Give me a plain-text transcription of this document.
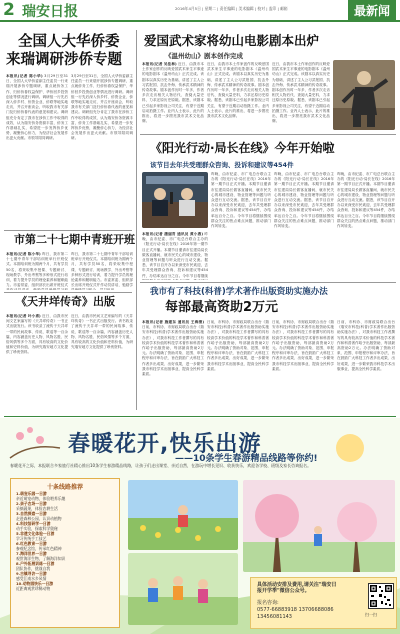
2 瑞安日报	2016年4月5日 | 星期二 | 责任编辑 | 美术编辑 | 校对 | 监印 | 邮箱	最新闻
全国人大华侨委
来瑞调研涉侨专题
本报讯(记者 陈小华) 3月29日至31日，全国人大华侨委副主任委员一行来瑞开展涉侨专题调研，重点就侨务工作、归侨侨眷权益保护、华侨回乡投资创业等情况进行调研。调研组一行先后深入侨乡村、侨资企业、侨联等地实地走访，并召开座谈会，听取我市有关部门及归侨侨眷代表的意见和建议。调研组充分肯定了我市在涉侨工作中取得的成效，认为瑞安侨务资源丰富，侨务工作基础扎实，希望进一步发挥侨乡优势，凝聚侨心侨力，为经济社会发展作出更大贡献。市领导陪同调研。
3月29日至31日，全国人大华侨委副主任委员一行来瑞开展涉侨专题调研，重点就侨务工作、归侨侨眷权益保护、华侨回乡投资创业等情况进行调研。调研组一行先后深入侨乡村、侨资企业、侨联等地实地走访，并召开座谈会，听取我市有关部门及归侨侨眷代表的意见和建议。调研组充分肯定了我市在涉侨工作中取得的成效，认为瑞安侨务资源丰富，侨务工作基础扎实，希望进一步发挥侨乡优势，凝聚侨心侨力，为经济社会发展作出更大贡献。市领导陪同调研。
市第二十七期中青班开班
本报讯(记者 陈小华) 昨日，我市第二十七期中青年干部培训班举行开班仪式。本期培训班为期两个月，共有学员50名，将采取集中授课、专题研讨、现场教学、外出考察等多种形式进行培训，着力提升学员的理论素养和履职能力。市委常委、组织部长出席开班仪式
昨日，我市第二十七期中青年干部培训班举行开班仪式。本期培训班为期两个月，共有学员50名，将采取集中授课、专题研讨、现场教学、外出考察等多种形式进行培训，着力提升学员的理论素养和履职能力。市委常委、组织部长出席开班仪式并作动员讲话，勉励学
《天井垟传奇》出版
本报讯(记者 叶小勇) 近日，由我市民间文艺家编写的《天井垟传奇》一书正式出版发行。该书收录了流传于天井垟一带的民间故事、传说、歌谣等一百余篇，内容涵盖历史人物、风物名胜、民俗风情等多个方面，具有较高的文化价值和史料价值，为研究瑞安地方文化提供了珍贵资料。
近日，由我市民间文艺家编写的《天井垟传奇》一书正式出版发行。该书收录了流传于天井垟一带的民间故事、传说、歌谣等一百余篇，内容涵盖历史人物、风物名胜、民俗风情等多个方面，具有较高的文化价值和史料价值，为研究瑞安地方文化提供了珍贵资料。
爱国武术家将幼山电影剧本出炉
《温州幼山》剧本创作完成
本报讯(记者 吴佳林) 近日，由我市本土作家创作的反映爱国武术家生平事迹的电影剧本《温州幼山》正式完成。该剧本以真实历史为基础，讲述了主人公习武报国、抗击外侮、传承武术精神的传奇故事。剧本创作历时一年多，作者多次走访相关人物后代、查阅大量史料，力求还原历史原貌。据悉，该剧本已引起多家影视公司关注，有望于近期启动拍摄工作。业内人士表示，此片的推出，将进一步擦亮我市武术文化品牌。
近日，由我市本土作家创作的反映爱国武术家生平事迹的电影剧本《温州幼山》正式完成。该剧本以真实历史为基础，讲述了主人公习武报国、抗击外侮、传承武术精神的传奇故事。剧本创作历时一年多，作者多次走访相关人物后代、查阅大量史料，力求还原历史原貌。据悉，该剧本已引起多家影视公司关注，有望于近期启动拍摄工作。业内人士表示，此片的推出，将进一步擦亮我市武术文化品牌。
近日，由我市本土作家创作的反映爱国武术家生平事迹的电影剧本《温州幼山》正式完成。该剧本以真实历史为基础，讲述了主人公习武报国、抗击外侮、传承武术精神的传奇故事。剧本创作历时一年多，作者多次走访相关人物后代、查阅大量史料，力求还原历史原貌。据悉，该剧本已引起多家影视公司关注，有望于近期启动拍摄工作。业内人士表示，此片的推出，将进一步擦亮我市武术文化品牌。
《阳光行动·局长在线》今年开始啦
该节目去年共受理群众咨询、投诉和建议等454件
本报讯(记者 潘丽青 通讯员 黄小燕) 昨晚，由市纪委、市广电总台联合主办的《阳光行动·局长在线》2016年第一期节目正式开播。本期节目邀请市住建局局长做客直播间，就市民关心的城市建设、物业管理等问题与听众进行互动交流。据悉，该节目自开办以来深受市民欢迎，去年共受理群众咨询、投诉和建议等454件，办结率达百分之百。今年节目将继续
昨晚，由市纪委、市广电总台联合主办的《阳光行动·局长在线》2016年第一期节目正式开播。本期节目邀请市住建局局长做客直播间，就市民关心的城市建设、物业管理等问题与听众进行互动交流。据悉，该节目自开办以来深受市民欢迎，去年共受理群众咨询、投诉和建议等454件，办结率达百分之百。今年节目将继续围绕群众关注的热点难点问题，推动部门作风转变。
昨晚，由市纪委、市广电总台联合主办的《阳光行动·局长在线》2016年第一期节目正式开播。本期节目邀请市住建局局长做客直播间，就市民关心的城市建设、物业管理等问题与听众进行互动交流。据悉，该节目自开办以来深受市民欢迎，去年共受理群众咨询、投诉和建议等454件，办结率达百分之百。今年节目将继续围绕群众关注的热点难点问题，推动部门作风转变。
昨晚，由市纪委、市广电总台联合主办的《阳光行动·局长在线》2016年第一期节目正式开播。本期节目邀请市住建局局长做客直播间，就市民关心的城市建设、物业管理等问题与听众进行互动交流。据悉，该节目自开办以来深受市民欢迎，去年共受理群众咨询、投诉和建议等454件，办结率达百分之百。今年节目将继续围绕群众关注的热点难点问题，推动部门作风转变。
我市有了科技(科普)学术著作出版资助实施办法
每部最高资助2万元
本报讯(记者 施建东 通讯员 王海清) 日前，市科协、市财政局联合出台《瑞安市科技(科普)学术著作出版资助实施办法》，对我市科技工作者撰写的具有较高学术价值的科技学术著作和科普著作给予出版资助，每部最高资助2万元。办法明确了资助对象、范围、申报程序和评审办法，旨在鼓励广大科技工作者多出成果、出好成果，进一步繁荣我市科技学术出版事业，提高全民科学素质。
日前，市科协、市财政局联合出台《瑞安市科技(科普)学术著作出版资助实施办法》，对我市科技工作者撰写的具有较高学术价值的科技学术著作和科普著作给予出版资助，每部最高资助2万元。办法明确了资助对象、范围、申报程序和评审办法，旨在鼓励广大科技工作者多出成果、出好成果，进一步繁荣我市科技学术出版事业，提高全民科学素质。
日前，市科协、市财政局联合出台《瑞安市科技(科普)学术著作出版资助实施办法》，对我市科技工作者撰写的具有较高学术价值的科技学术著作和科普著作给予出版资助，每部最高资助2万元。办法明确了资助对象、范围、申报程序和评审办法，旨在鼓励广大科技工作者多出成果、出好成果，进一步繁荣我市科技学术出版事业，提高全民科学素质。
日前，市科协、市财政局联合出台《瑞安市科技(科普)学术著作出版资助实施办法》，对我市科技工作者撰写的具有较高学术价值的科技学术著作和科普著作给予出版资助，每部最高资助2万元。办法明确了资助对象、范围、申报程序和评审办法，旨在鼓励广大科技工作者多出成果、出好成果，进一步繁荣我市科技学术出版事业，提高全民科学素质。
春暖花开,快乐出游
——10条学生春游精品线路等你约!
春暖花开之际，本报联合多家旅行社精心推出10条学生春游精品线路，让孩子们走出课堂、亲近自然，在游玩中增长见识、收获快乐，欢迎各学校、班级及家长咨询报名。
十条线路推荐
1.萌宠乐园一日游
亲近萌宠动物，体验喂养乐趣
2.亲子农场一日游
采摘蔬果，体验农耕生活
3.自然探索一日游
走进森林公园，认识动植物
4.科技馆研学一日游
动手实验，探索科学奥秘
5.非遗文化体验一日游
学习传统手工技艺
6.红色教育一日游
参观纪念馆，传承红色精神
7.海洋世界一日游
观赏海洋生物，了解海洋知识
8.户外拓展训练一日游
团队协作，挑战自我
9.古镇寻访一日游
感受江南水乡风情
10.动物园快乐一日游
近距离观赏珍稀动物
具体活动安排及费用,请关注"瑞安日
报开学季"微信公众号。
报名咨询:
0577-66883918 13706688086
13456081143	扫一扫
